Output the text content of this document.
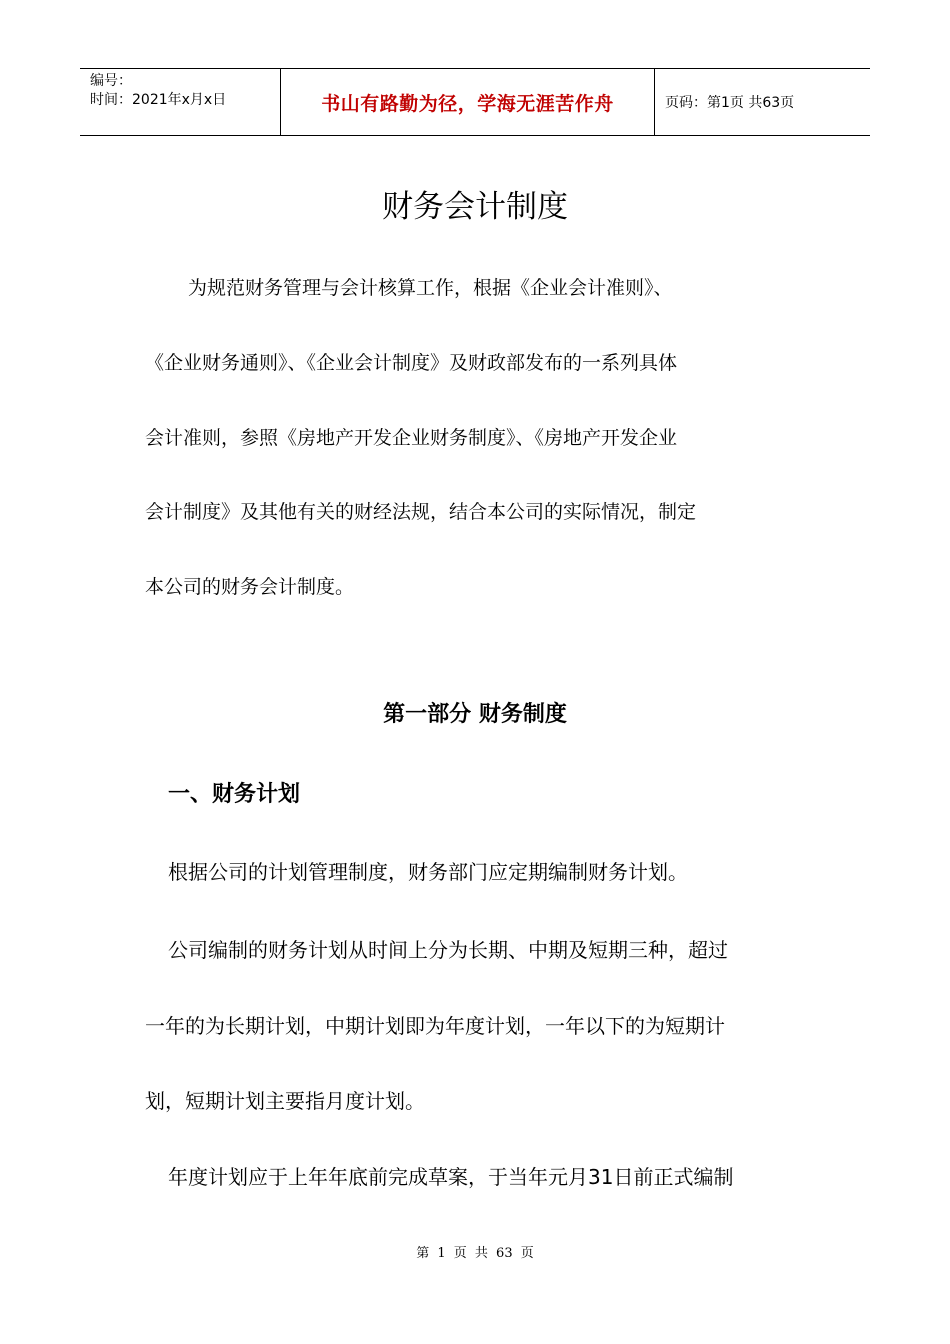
编号：
时间：2021年x月x日	书山有路勤为径，学海无涯苦作舟	页码：第1页 共63页
财务会计制度
为规范财务管理与会计核算工作，根据《企业会计准则》、
《企业财务通则》、《企业会计制度》及财政部发布的一系列具体
会计准则，参照《房地产开发企业财务制度》、《房地产开发企业
会计制度》及其他有关的财经法规，结合本公司的实际情况，制定
本公司的财务会计制度。
第一部分 财务制度
一、财务计划
根据公司的计划管理制度，财务部门应定期编制财务计划。
公司编制的财务计划从时间上分为长期、中期及短期三种，超过
一年的为长期计划，中期计划即为年度计划，一年以下的为短期计
划，短期计划主要指月度计划。
年度计划应于上年年底前完成草案，于当年元月31日前正式编制
第 1 页 共 63 页
